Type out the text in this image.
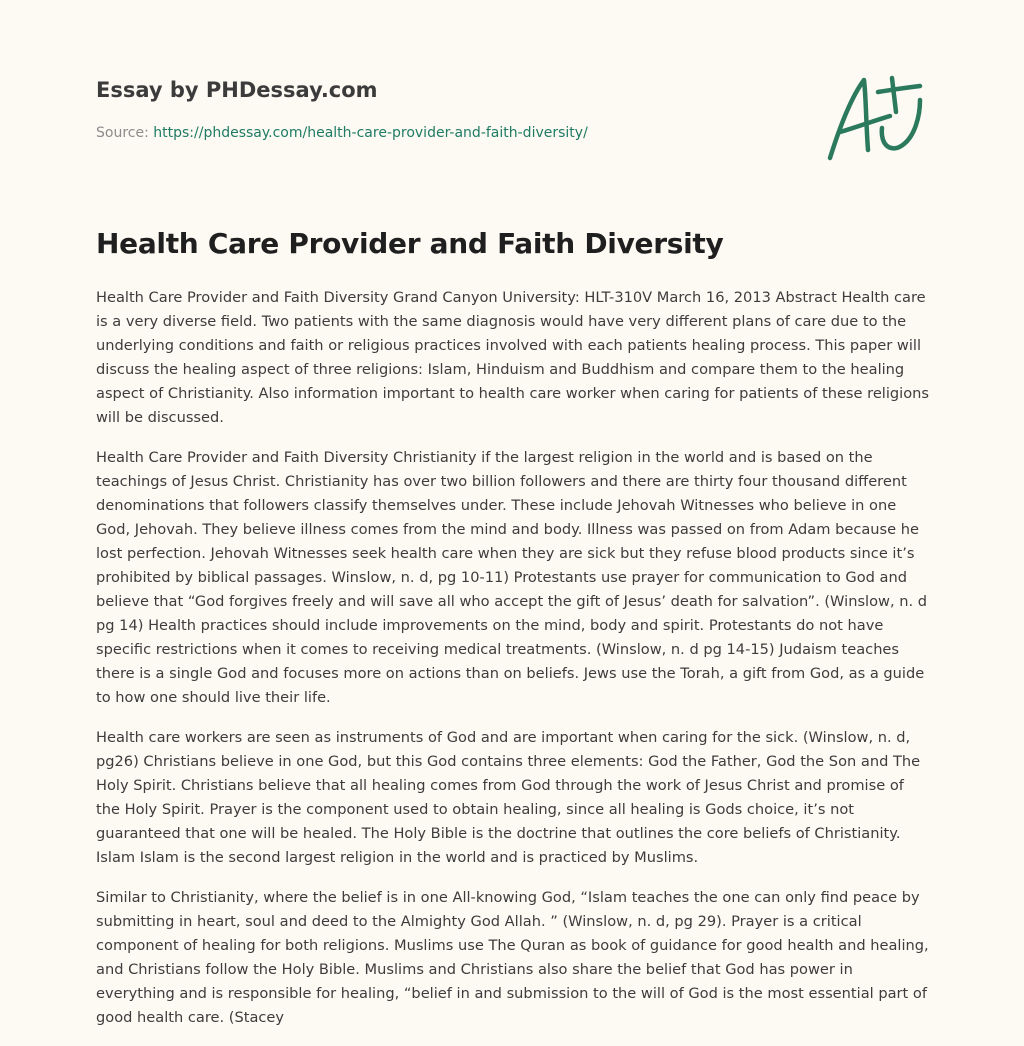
Essay by PHDessay.com
Source: https://phdessay.com/health-care-provider-and-faith-diversity/
Health Care Provider and Faith Diversity

Health Care Provider and Faith Diversity Grand Canyon University: HLT-310V March 16, 2013 Abstract Health care is a very diverse field. Two patients with the same diagnosis would have very different plans of care due to the underlying conditions and faith or religious practices involved with each patients healing process. This paper will discuss the healing aspect of three religions: Islam, Hinduism and Buddhism and compare them to the healing aspect of Christianity. Also information important to health care worker when caring for patients of these religions will be discussed.

Health Care Provider and Faith Diversity Christianity if the largest religion in the world and is based on the teachings of Jesus Christ. Christianity has over two billion followers and there are thirty four thousand different denominations that followers classify themselves under. These include Jehovah Witnesses who believe in one God, Jehovah. They believe illness comes from the mind and body. Illness was passed on from Adam because he lost perfection. Jehovah Witnesses seek health care when they are sick but they refuse blood products since it’s prohibited by biblical passages. Winslow, n. d, pg 10-11) Protestants use prayer for communication to God and believe that “God forgives freely and will save all who accept the gift of Jesus’ death for salvation”. (Winslow, n. d pg 14) Health practices should include improvements on the mind, body and spirit. Protestants do not have specific restrictions when it comes to receiving medical treatments. (Winslow, n. d pg 14-15) Judaism teaches there is a single God and focuses more on actions than on beliefs. Jews use the Torah, a gift from God, as a guide to how one should live their life.

Health care workers are seen as instruments of God and are important when caring for the sick. (Winslow, n. d, pg26) Christians believe in one God, but this God contains three elements: God the Father, God the Son and The Holy Spirit. Christians believe that all healing comes from God through the work of Jesus Christ and promise of the Holy Spirit. Prayer is the component used to obtain healing, since all healing is Gods choice, it’s not guaranteed that one will be healed. The Holy Bible is the doctrine that outlines the core beliefs of Christianity. Islam Islam is the second largest religion in the world and is practiced by Muslims.

Similar to Christianity, where the belief is in one All-knowing God, “Islam teaches the one can only find peace by submitting in heart, soul and deed to the Almighty God Allah. ” (Winslow, n. d, pg 29). Prayer is a critical component of healing for both religions. Muslims use The Quran as book of guidance for good health and healing, and Christians follow the Holy Bible. Muslims and Christians also share the belief that God has power in everything and is responsible for healing, “belief in and submission to the will of God is the most essential part of good health care. (Stacey
